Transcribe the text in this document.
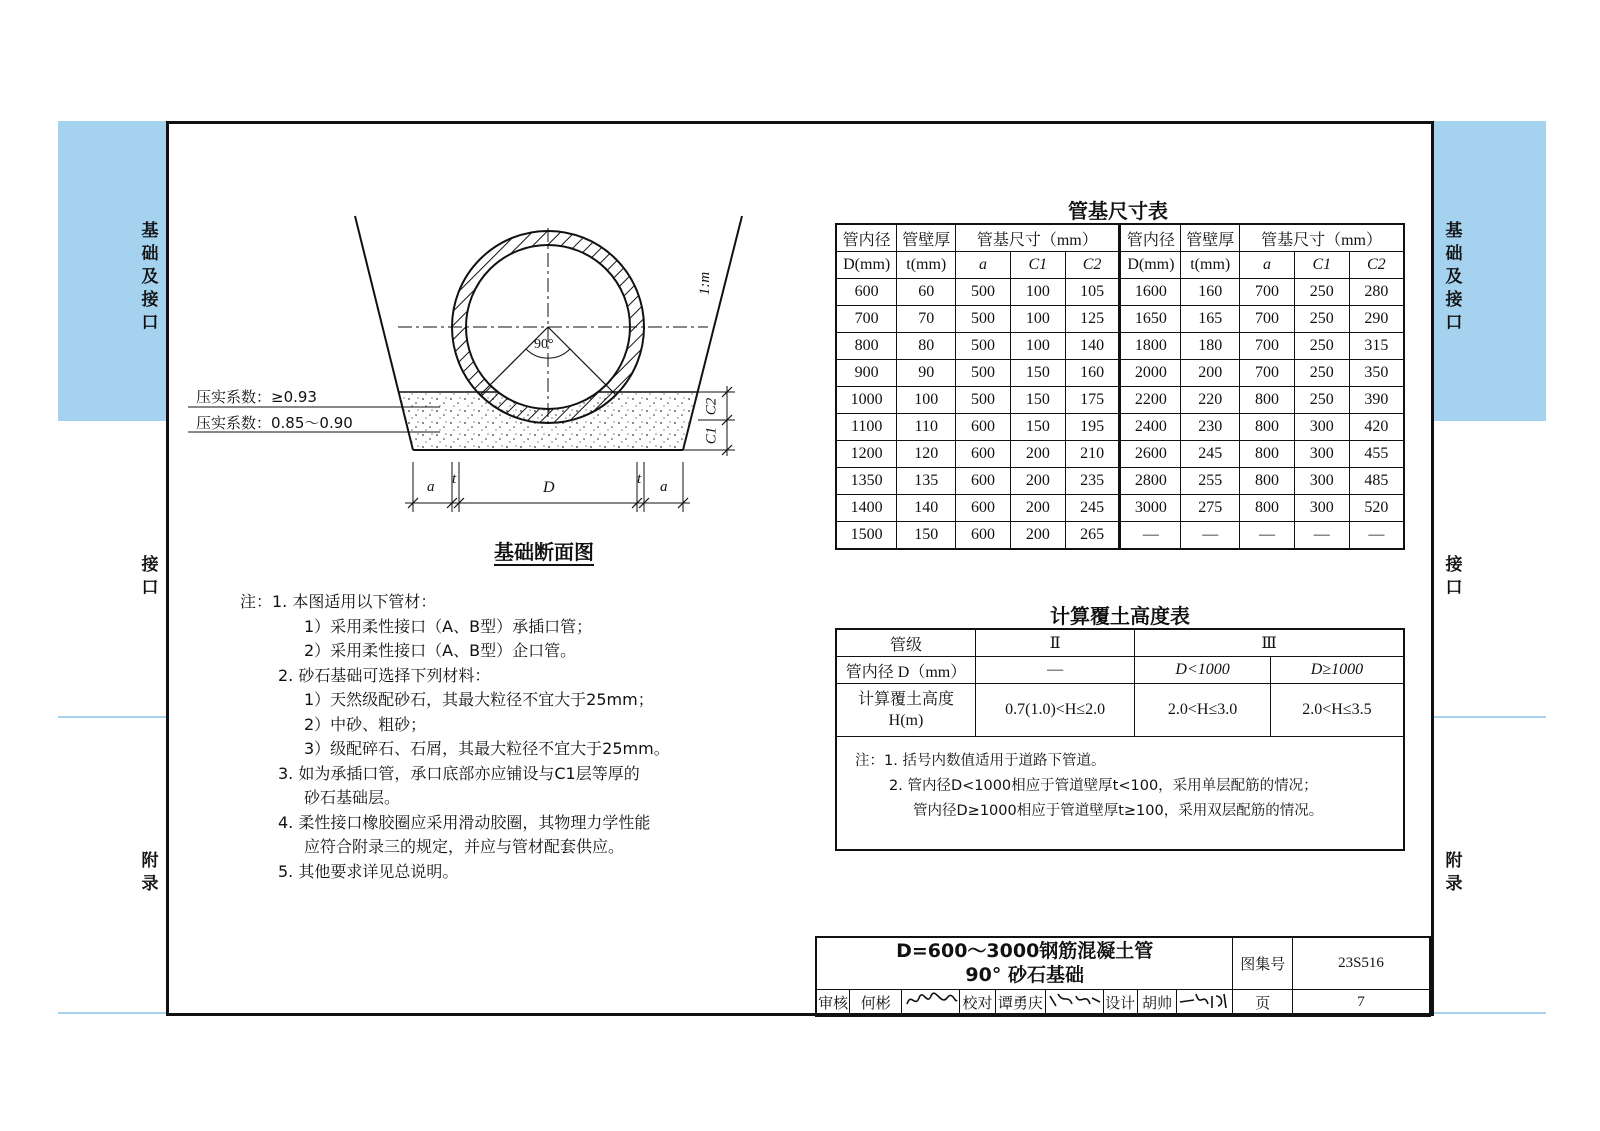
基
础
及
接
口
接
口
附
录
基
础
及
接
口
接
口
附
录
压实系数：≥0.93
压实系数：0.85～0.90
90°
1:m
C2
C1
a t	D	t a
基础断面图
注：1. 本图适用以下管材：
1）采用柔性接口（A、B型）承插口管；
2）采用柔性接口（A、B型）企口管。
2. 砂石基础可选择下列材料：
1）天然级配砂石，其最大粒径不宜大于25mm；
2）中砂、粗砂；
3）级配碎石、石屑，其最大粒径不宜大于25mm。
3. 如为承插口管，承口底部亦应铺设与C1层等厚的
砂石基础层。
4. 柔性接口橡胶圈应采用滑动胶圈，其物理力学性能
应符合附录三的规定，并应与管材配套供应。
5. 其他要求详见总说明。
管基尺寸表
管内径	管壁厚	管基尺寸（mm）			管内径	管壁厚	管基尺寸（mm）		
D(mm)	t(mm)	a	C1	C2	D(mm)	t(mm)	a	C1	C2
600	60	500	100	105	1600	160	700	250	280
700	70	500	100	125	1650	165	700	250	290
800	80	500	100	140	1800	180	700	250	315
900	90	500	150	160	2000	200	700	250	350
1000	100	500	150	175	2200	220	800	250	390
1100	110	600	150	195	2400	230	800	300	420
1200	120	600	200	210	2600	245	800	300	455
1350	135	600	200	235	2800	255	800	300	485
1400	140	600	200	245	3000	275	800	300	520
1500	150	600	200	265	—	—	—	—	—
计算覆土高度表
管级	Ⅱ	Ⅲ	
管内径 D（mm）	—	D<1000	D≥1000

计算覆土高度
H(m)	0.7(1.0)<H≤2.0	2.0<H≤3.0	2.0<H≤3.5

注：1. 括号内数值适用于道路下管道。
2. 管内径D<1000相应于管道壁厚t<100，采用单层配筋的情况；
管内径D≥1000相应于管道壁厚t≥100，采用双层配筋的情况。			
D=600～3000钢筋混凝土管
90° 砂石基础									图集号	23S516
审核	何彬		校对	谭勇庆		设计	胡帅		页	7
